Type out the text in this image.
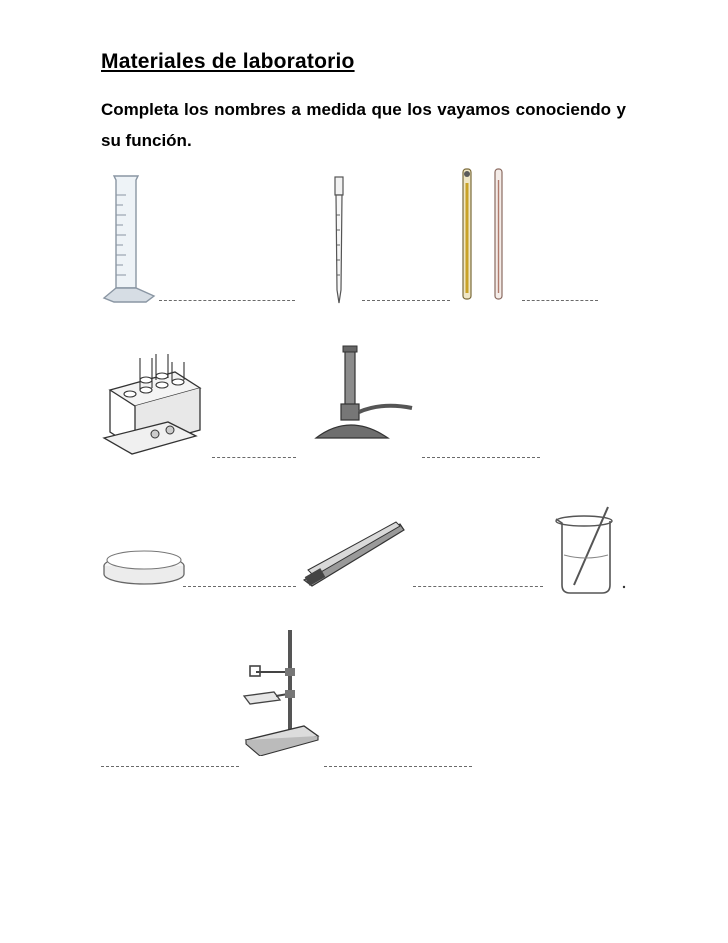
Materiales de laboratorio
Completa los nombres a medida que los vayamos conociendo y su función.
